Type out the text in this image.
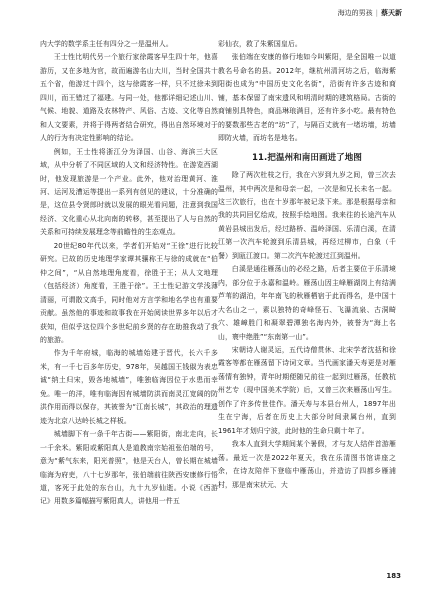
海边的男孩 | 蔡天新

内大学的数学系主任有四分之一是温州人。

王士性比明代另一个旅行家徐霞客早生四十年，他喜游历，又在多地为官，故而遍游名山大川，当时全国共十五个省，他游过十四个，这与徐霞客一样，只不过徐未到四川，而王错过了福建。与同一处，他都详细记述山川、气候、地貌、道路及农林特产、风俗、古迹、文化等自然和人文要素，并将于得两者结合研究，得出自然环境对于人的行为有决定性影响的结论。

例如，王士性将浙江分为泽国、山谷、海滨三大区域，从中分析了不同区域的人文和经济特性。在游览西湖时，他发现旅游是一个产业。此外，他对治理黄河、淮河、运河及漕运等提出一系列有创见的建议，十分准确的是，这位县令贤郎时就以发展的眼光看问题，注意到我国经济、文化重心从北向南的转移，甚至提出了人与自然的关系和可持续发展理念等前瞻性的生态观点。

20世纪80年代以来，学者们开始对“王徐”进行比较研究。已故的历史地理学家谭其骧称王与徐的成就在“伯仲之间”，“从自然地理角度看，徐胜于王；从人文地理（包括经济）角度看，王胜于徐”。王士性记游文学浅薄清丽，可谓散文高手，同时他对方言学和地名学也有重要贡献。虽然他的事迹和故事我在开始阅读世界多年以后才获知，但似乎这位四个多世纪前乡贤的存在助推我动了我的旅游。

作为千年府城，临海的城墙始建于晋代，长六千多米，有一千七百多年历史，978年，吴越国王钱俶为表忠诚“纳土归宋，毁各地城墙”，唯独临海因位于水患而幸免。唯一的洋，唯有临海因有城墙防洪而南灵江宽阔的防洪作用而得以保存，其被誉为“江南长城”，其政治的理遗迹为北京八达岭长城之样板。

城墙脚下有一条千年古街——紫阳街，南北走向，长一千余米。紫阳或紫阳真人是道教南宗始祖张伯端的号，意为“紫气东来，阳光普照”，他是天台人，曾长期在城墙临海为府吏，八十七岁那年，张伯端前往陕西安康修行悟道，客死于此处的东台山，九十九岁仙逝。小说《西游记》用数多篇幅描写紫阳真人，讲他用一件五

彩仙衣，救了朱紫国皇后。

张伯端在安康的修行地如今叫紫阳，是全国唯一以道教名号命名的县。2012年，继杭州清河坊之后，临海紫阳街也成为“中国历史文化名街”，沿街有许多古迹和商铺，基本保留了南宋遗风和明清时期的建筑格局。古街的商铺别具特色，商品琳琅满目，还有许多小吃。最有特色的要数那些古老的“坊”了，与隔百丈就有一堵坊墙，坊墙即防火墙，而坊名是地名。

11.把温州和南田画进了地图

除了两次杜枝之行，我在六岁到九岁之间，曾三次去温州，其中两次是和母亲一起，一次是和兄长未名一起。这三次旅行，也在十岁那年被记录下来。那是根据母亲和我的共同回忆绘成，按照手绘地图。我来往的长途汽车从黄岩县城出发后，经过路桥、温岭泽国、乐清白溪，在清江第一次汽车轮渡到乐清县城，再经过柳市，白象（千餐）到瓯江渡口。第二次汽车轮渡过江到温州。

白溪是通往雁荡山的必经之路，后者主要位于乐清境内，部分位于永嘉和温岭。雁荡山因主峰雁湖岗上有结满芦苇的湖泊，年年南飞的秋雁栖宿于此而得名，是中国十大名山之一，素以独特的奇峰怪石、飞瀑流泉、古洞畸穴、雄嶂胜门和凝翠碧潭独名海内外，被誉为“海上名山，寰中绝胜”“东南第一山”。

宋朝诗人谢灵运，五代诗僧贯休、北宋学者沈括和徐霞客等都在雁荡留下诗词文章。当代画家潘天寿更是对雁荡情有独钟，青年时期便随兄前往一起到过雁荡，任教杭州艺专（现中国美术学院）后，又曾三次来雁荡山写生。创作了许多传世佳作。潘天寿与本县台州人，1897年出生在宁海，后者在历史上大部分时间隶属台州，直到1961年才划归宁波，此时他的生命只剩十年了。

我本人直到大学期间某个暑假，才与友人结伴首游雁荡。最近一次是2022年夏天，我在乐清图书馆讲座之余，在诗友陪伴下登临中雁荡山，并造访了四都乡雁浦村，那是南宋状元、大

183
